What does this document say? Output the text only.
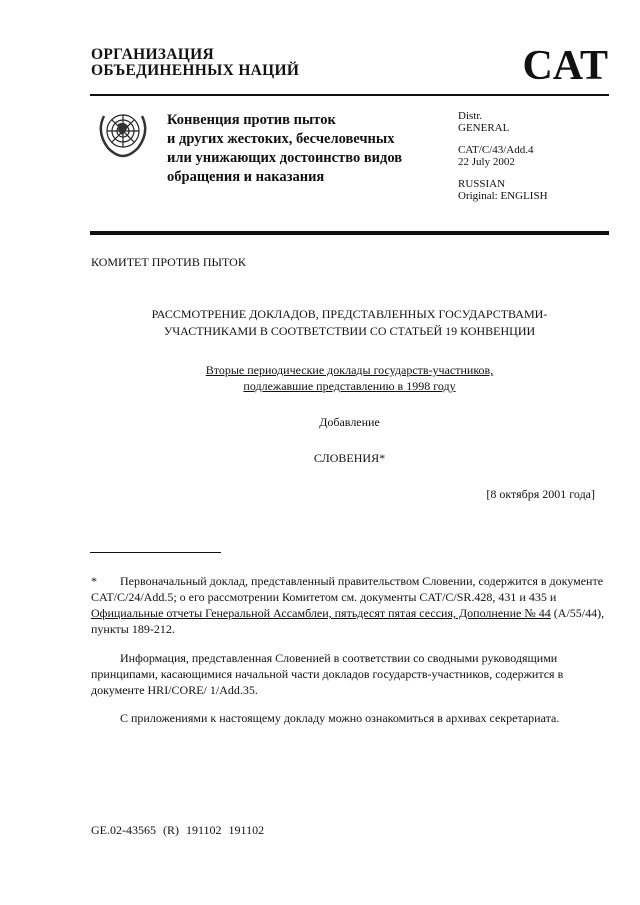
ОРГАНИЗАЦИЯ
ОБЪЕДИНЕННЫХ НАЦИЙ	CAT
Конвенция против пыток
и других жестоких, бесчеловечных
или унижающих достоинство видов
обращения и наказания
Distr.
GENERAL
CAT/C/43/Add.4
22 July 2002
RUSSIAN
Original: ENGLISH
КОМИТЕТ ПРОТИВ ПЫТОК
РАССМОТРЕНИЕ ДОКЛАДОВ, ПРЕДСТАВЛЕННЫХ ГОСУДАРСТВАМИ-
УЧАСТНИКАМИ В СООТВЕТСТВИИ СО СТАТЬЕЙ 19 КОНВЕНЦИИ
Вторые периодические доклады государств-участников,
подлежавшие представлению в 1998 году
Добавление
СЛОВЕНИЯ*
[8 октября 2001 года]
* Первоначальный доклад, представленный правительством Словении, содержится в документе CAT/C/24/Add.5; о его рассмотрении Комитетом см. документы CAT/C/SR.428, 431 и 435 и Официальные отчеты Генеральной Ассамблеи, пятьдесят пятая сессия, Дополнение № 44 (A/55/44), пункты 189-212.
Информация, представленная Словенией в соответствии со сводными руководящими принципами, касающимися начальной части докладов государств-участников, содержится в документе HRI/CORE/ 1/Add.35.
С приложениями к настоящему докладу можно ознакомиться в архивах секретариата.
GE.02-43565 (R) 191102 191102
